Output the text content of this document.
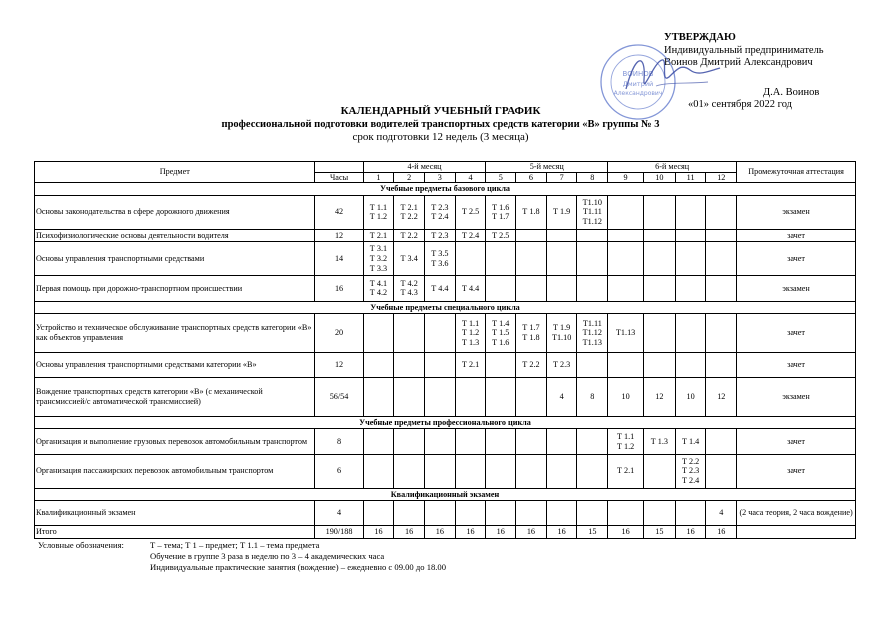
УТВЕРЖДАЮ
Индивидуальный предприниматель
Воинов Дмитрий Александрович
Д.А. Воинов
«01» сентября 2022 год
ВОИНОВ
Дмитрий
Александрович
КАЛЕНДАРНЫЙ УЧЕБНЫЙ ГРАФИК
профессиональной подготовки водителей транспортных средств категории «В» группы № 3
срок подготовки 12 недель (3 месяца)
Предмет		4-й месяц				5-й месяц				6-й месяц				Промежуточная аттестация
	Часы	1	2	3	4	5	6	7	8	9	10	11	12	
Учебные предметы базового цикла														
Основы законодательства в сфере дорожного движения	42	Т 1.1
Т 1.2	Т 2.1
Т 2.2	Т 2.3
Т 2.4	Т 2.5	Т 1.6
Т 1.7	Т 1.8	Т 1.9	Т1.10
Т1.11
Т1.12					экзамен
Психофизиологические основы деятельности водителя	12	Т 2.1	Т 2.2	Т 2.3	Т 2.4	Т 2.5								зачет
Основы управления транспортными средствами	14	Т 3.1
Т 3.2
Т 3.3	Т 3.4	Т 3.5
Т 3.6										зачет
Первая помощь при дорожно-транспортном происшествии	16	Т 4.1
Т 4.2	Т 4.2
Т 4.3	Т 4.4	Т 4.4									экзамен
Учебные предметы специального цикла														
Устройство и техническое обслуживание транспортных средств категории «В» как объектов управления	20				Т 1.1
Т 1.2
Т 1.3	Т 1.4
Т 1.5
Т 1.6	Т 1.7
Т 1.8	Т 1.9
Т1.10	Т1.11
Т1.12
Т1.13	Т1.13				зачет
Основы управления транспортными средствами категории «В»	12				Т 2.1		Т 2.2	Т 2.3						зачет
Вождение транспортных средств категории «В» (с механической трансмиссией/с автоматической трансмиссией)	56/54							4	8	10	12	10	12	экзамен
Учебные предметы профессионального цикла														
Организация и выполнение грузовых перевозок автомобильным транспортом	8									Т 1.1
Т 1.2	Т 1.3	Т 1.4		зачет
Организация пассажирских перевозок автомобильным транспортом	6									Т 2.1		Т 2.2
Т 2.3
Т 2.4		зачет
Квалификационный экзамен														
Квалификационный экзамен	4												4	(2 часа теория, 2 часа вождение)
Итого	190/188	16	16	16	16	16	16	16	15	16	15	16	16	
Условные обозначения:	Т – тема; Т 1 – предмет; Т 1.1 – тема предмета
Обучение в группе 3 раза в неделю по 3 – 4 академических часа
Индивидуальные практические занятия (вождение) – ежедневно с 09.00 до 18.00
